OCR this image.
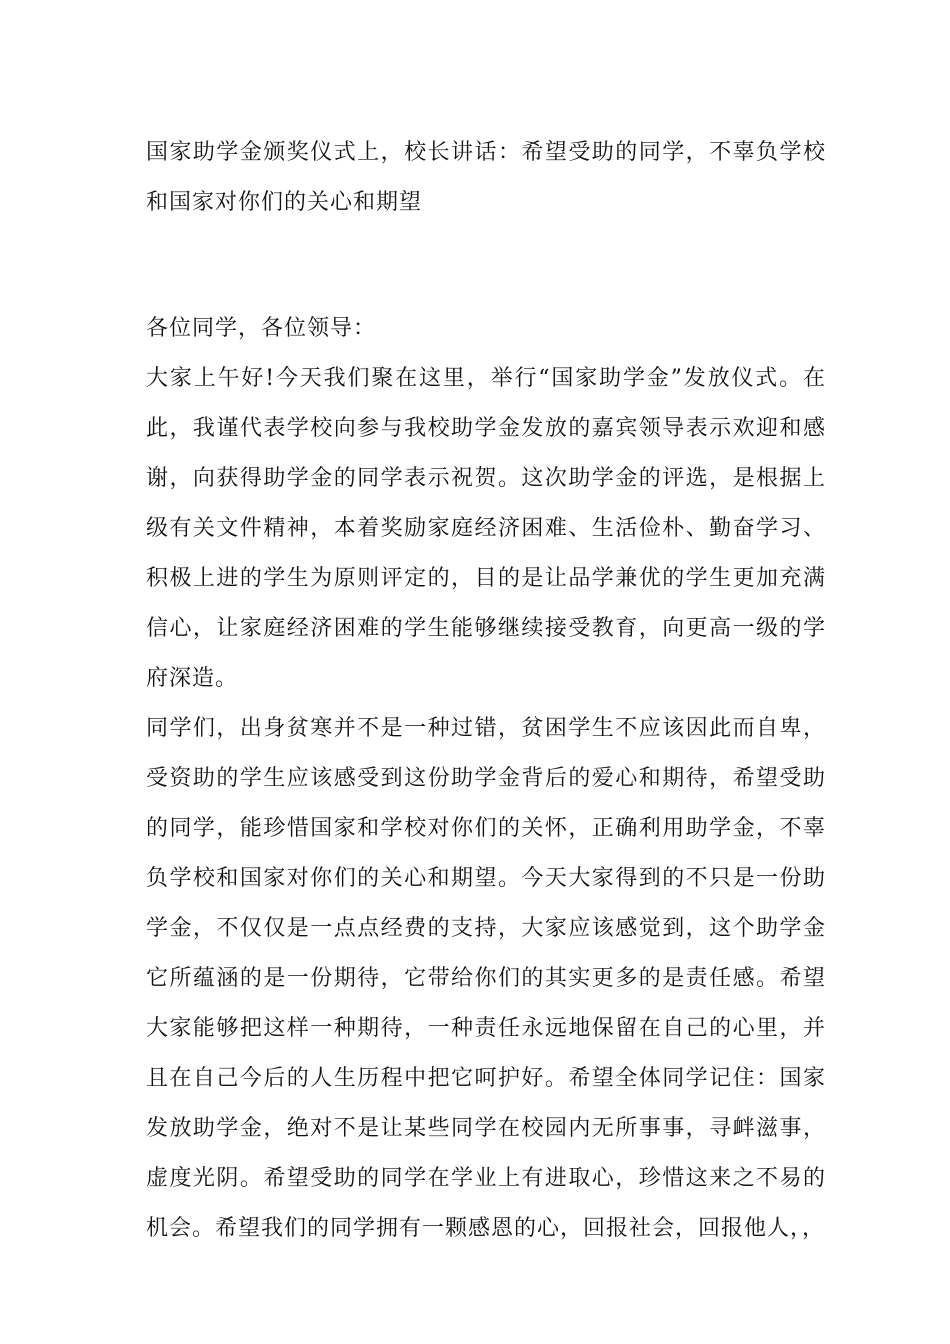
国家助学金颁奖仪式上，校长讲话：希望受助的同学，不辜负学校和国家对你们的关心和期望

各位同学，各位领导：

大家上午好!今天我们聚在这里，举行“国家助学金”发放仪式。在此，我谨代表学校向参与我校助学金发放的嘉宾领导表示欢迎和感谢，向获得助学金的同学表示祝贺。这次助学金的评选，是根据上级有关文件精神，本着奖励家庭经济困难、生活俭朴、勤奋学习、积极上进的学生为原则评定的，目的是让品学兼优的学生更加充满信心，让家庭经济困难的学生能够继续接受教育，向更高一级的学府深造。

同学们，出身贫寒并不是一种过错，贫困学生不应该因此而自卑，受资助的学生应该感受到这份助学金背后的爱心和期待，希望受助的同学，能珍惜国家和学校对你们的关怀，正确利用助学金，不辜负学校和国家对你们的关心和期望。今天大家得到的不只是一份助学金，不仅仅是一点点经费的支持，大家应该感觉到，这个助学金它所蕴涵的是一份期待，它带给你们的其实更多的是责任感。希望大家能够把这样一种期待，一种责任永远地保留在自己的心里，并且在自己今后的人生历程中把它呵护好。希望全体同学记住：国家发放助学金，绝对不是让某些同学在校园内无所事事，寻衅滋事，虚度光阴。希望受助的同学在学业上有进取心，珍惜这来之不易的机会。希望我们的同学拥有一颗感恩的心，回报社会，回报他人，，
